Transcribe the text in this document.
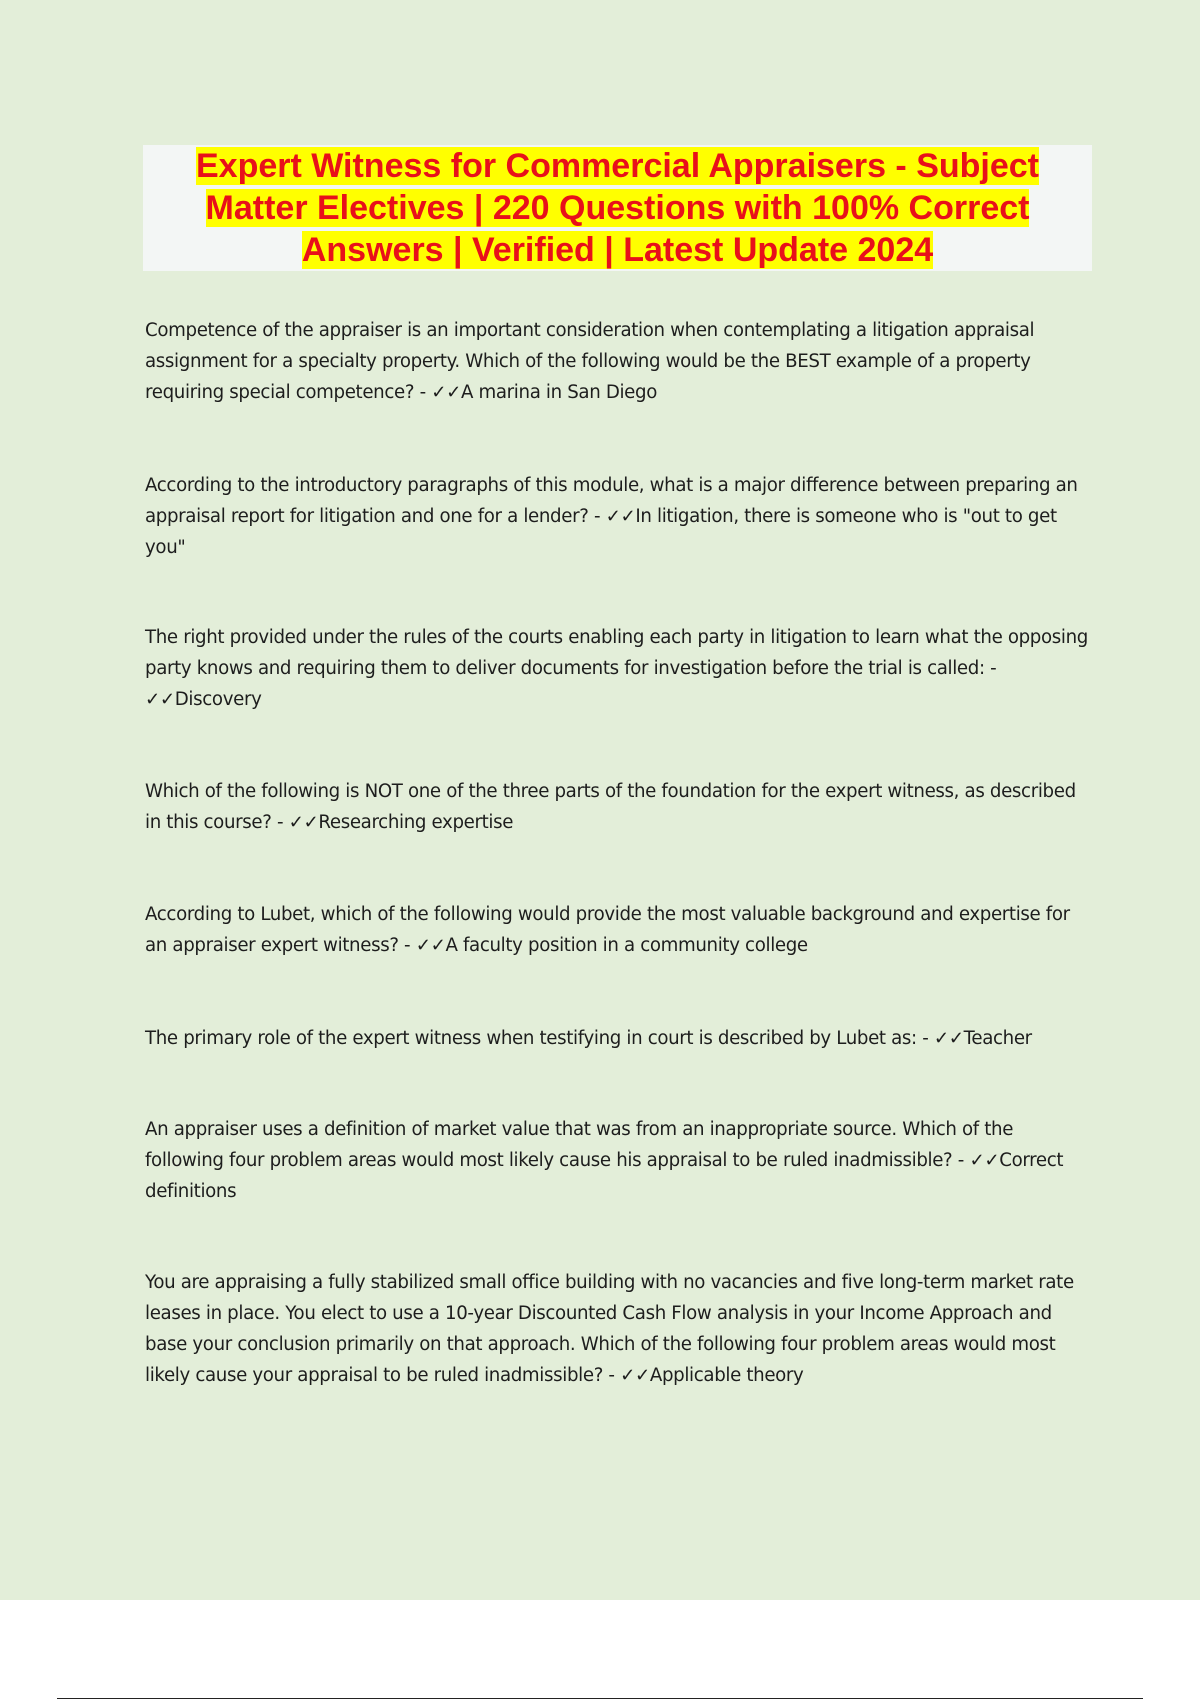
Expert Witness for Commercial Appraisers - Subject Matter Electives | 220 Questions with 100% Correct Answers | Verified | Latest Update 2024
Competence of the appraiser is an important consideration when contemplating a litigation appraisal assignment for a specialty property. Which of the following would be the BEST example of a property requiring special competence? - ✓✓A marina in San Diego
According to the introductory paragraphs of this module, what is a major difference between preparing an appraisal report for litigation and one for a lender? - ✓✓In litigation, there is someone who is "out to get you"
The right provided under the rules of the courts enabling each party in litigation to learn what the opposing party knows and requiring them to deliver documents for investigation before the trial is called: - ✓✓Discovery
Which of the following is NOT one of the three parts of the foundation for the expert witness, as described in this course? - ✓✓Researching expertise
According to Lubet, which of the following would provide the most valuable background and expertise for an appraiser expert witness? - ✓✓A faculty position in a community college
The primary role of the expert witness when testifying in court is described by Lubet as: - ✓✓Teacher
An appraiser uses a definition of market value that was from an inappropriate source. Which of the following four problem areas would most likely cause his appraisal to be ruled inadmissible? - ✓✓Correct definitions
You are appraising a fully stabilized small office building with no vacancies and five long-term market rate leases in place. You elect to use a 10-year Discounted Cash Flow analysis in your Income Approach and base your conclusion primarily on that approach. Which of the following four problem areas would most likely cause your appraisal to be ruled inadmissible? - ✓✓Applicable theory
